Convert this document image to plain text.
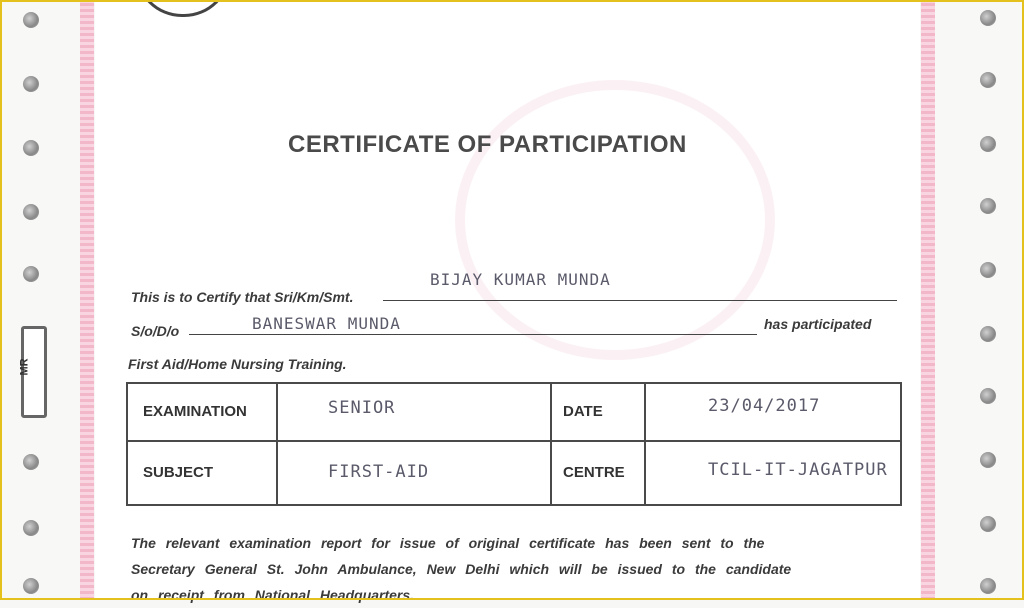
MR
CERTIFICATE OF PARTICIPATION
This is to Certify that Sri/Km/Smt.
BIJAY KUMAR MUNDA
S/o/D/o	BANESWAR MUNDA	has participated
First Aid/Home Nursing Training.
EXAMINATION	SENIOR	DATE	23/04/2017

SUBJECT	FIRST-AID	CENTRE	TCIL-IT-JAGATPUR
The relevant examination report for issue of original certificate has been sent to the
Secretary General St. John Ambulance, New Delhi which will be issued to the candidate
on receipt from National Headquarters.
